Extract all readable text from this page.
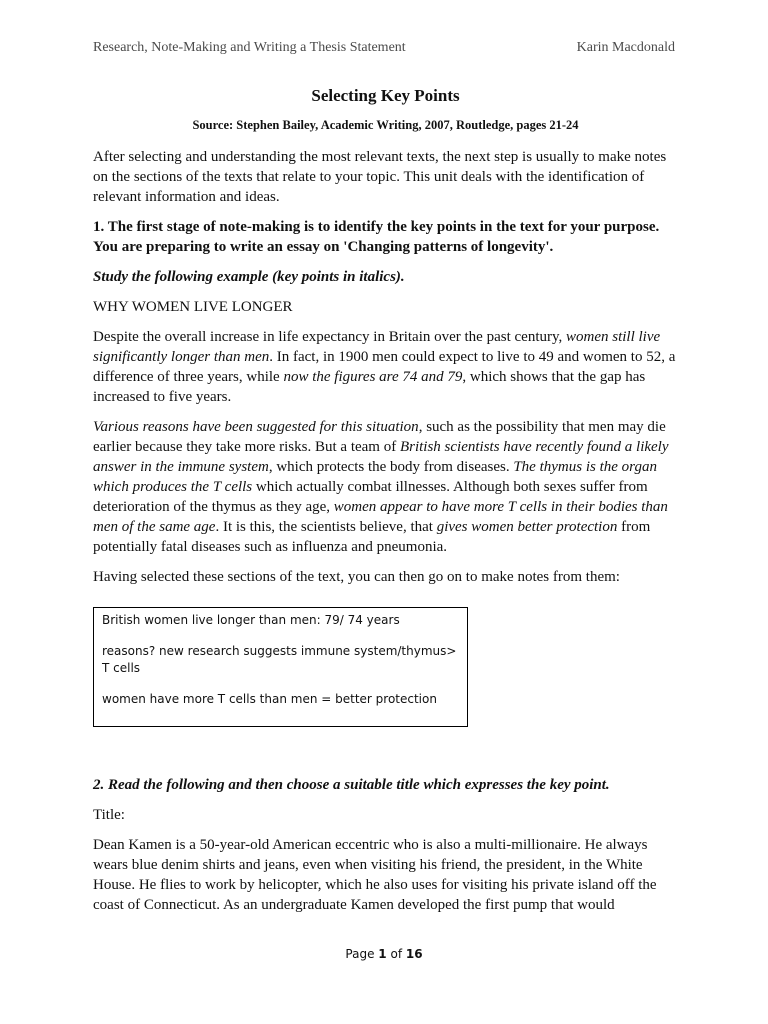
Research, Note-Making and Writing a Thesis Statement	Karin Macdonald
Selecting Key Points
Source: Stephen Bailey, Academic Writing, 2007, Routledge, pages 21-24

After selecting and understanding the most relevant texts, the next step is usually to make notes on the sections of the texts that relate to your topic. This unit deals with the identification of relevant information and ideas.

1. The first stage of note-making is to identify the key points in the text for your purpose. You are preparing to write an essay on 'Changing patterns of longevity'.

Study the following example (key points in italics).

WHY WOMEN LIVE LONGER

Despite the overall increase in life expectancy in Britain over the past century, women still live significantly longer than men. In fact, in 1900 men could expect to live to 49 and women to 52, a difference of three years, while now the figures are 74 and 79, which shows that the gap has increased to five years.

Various reasons have been suggested for this situation, such as the possibility that men may die earlier because they take more risks. But a team of British scientists have recently found a likely answer in the immune system, which protects the body from diseases. The thymus is the organ which produces the T cells which actually combat illnesses. Although both sexes suffer from deterioration of the thymus as they age, women appear to have more T cells in their bodies than men of the same age. It is this, the scientists believe, that gives women better protection from potentially fatal diseases such as influenza and pneumonia.

Having selected these sections of the text, you can then go on to make notes from them:

British women live longer than men: 79/ 74 years
reasons? new research suggests immune system/thymus> T cells
women have more T cells than men = better protection

2. Read the following and then choose a suitable title which expresses the key point.

Title:

Dean Kamen is a 50-year-old American eccentric who is also a multi-millionaire. He always wears blue denim shirts and jeans, even when visiting his friend, the president, in the White House. He flies to work by helicopter, which he also uses for visiting his private island off the coast of Connecticut. As an undergraduate Kamen developed the first pump that would

Page 1 of 16
